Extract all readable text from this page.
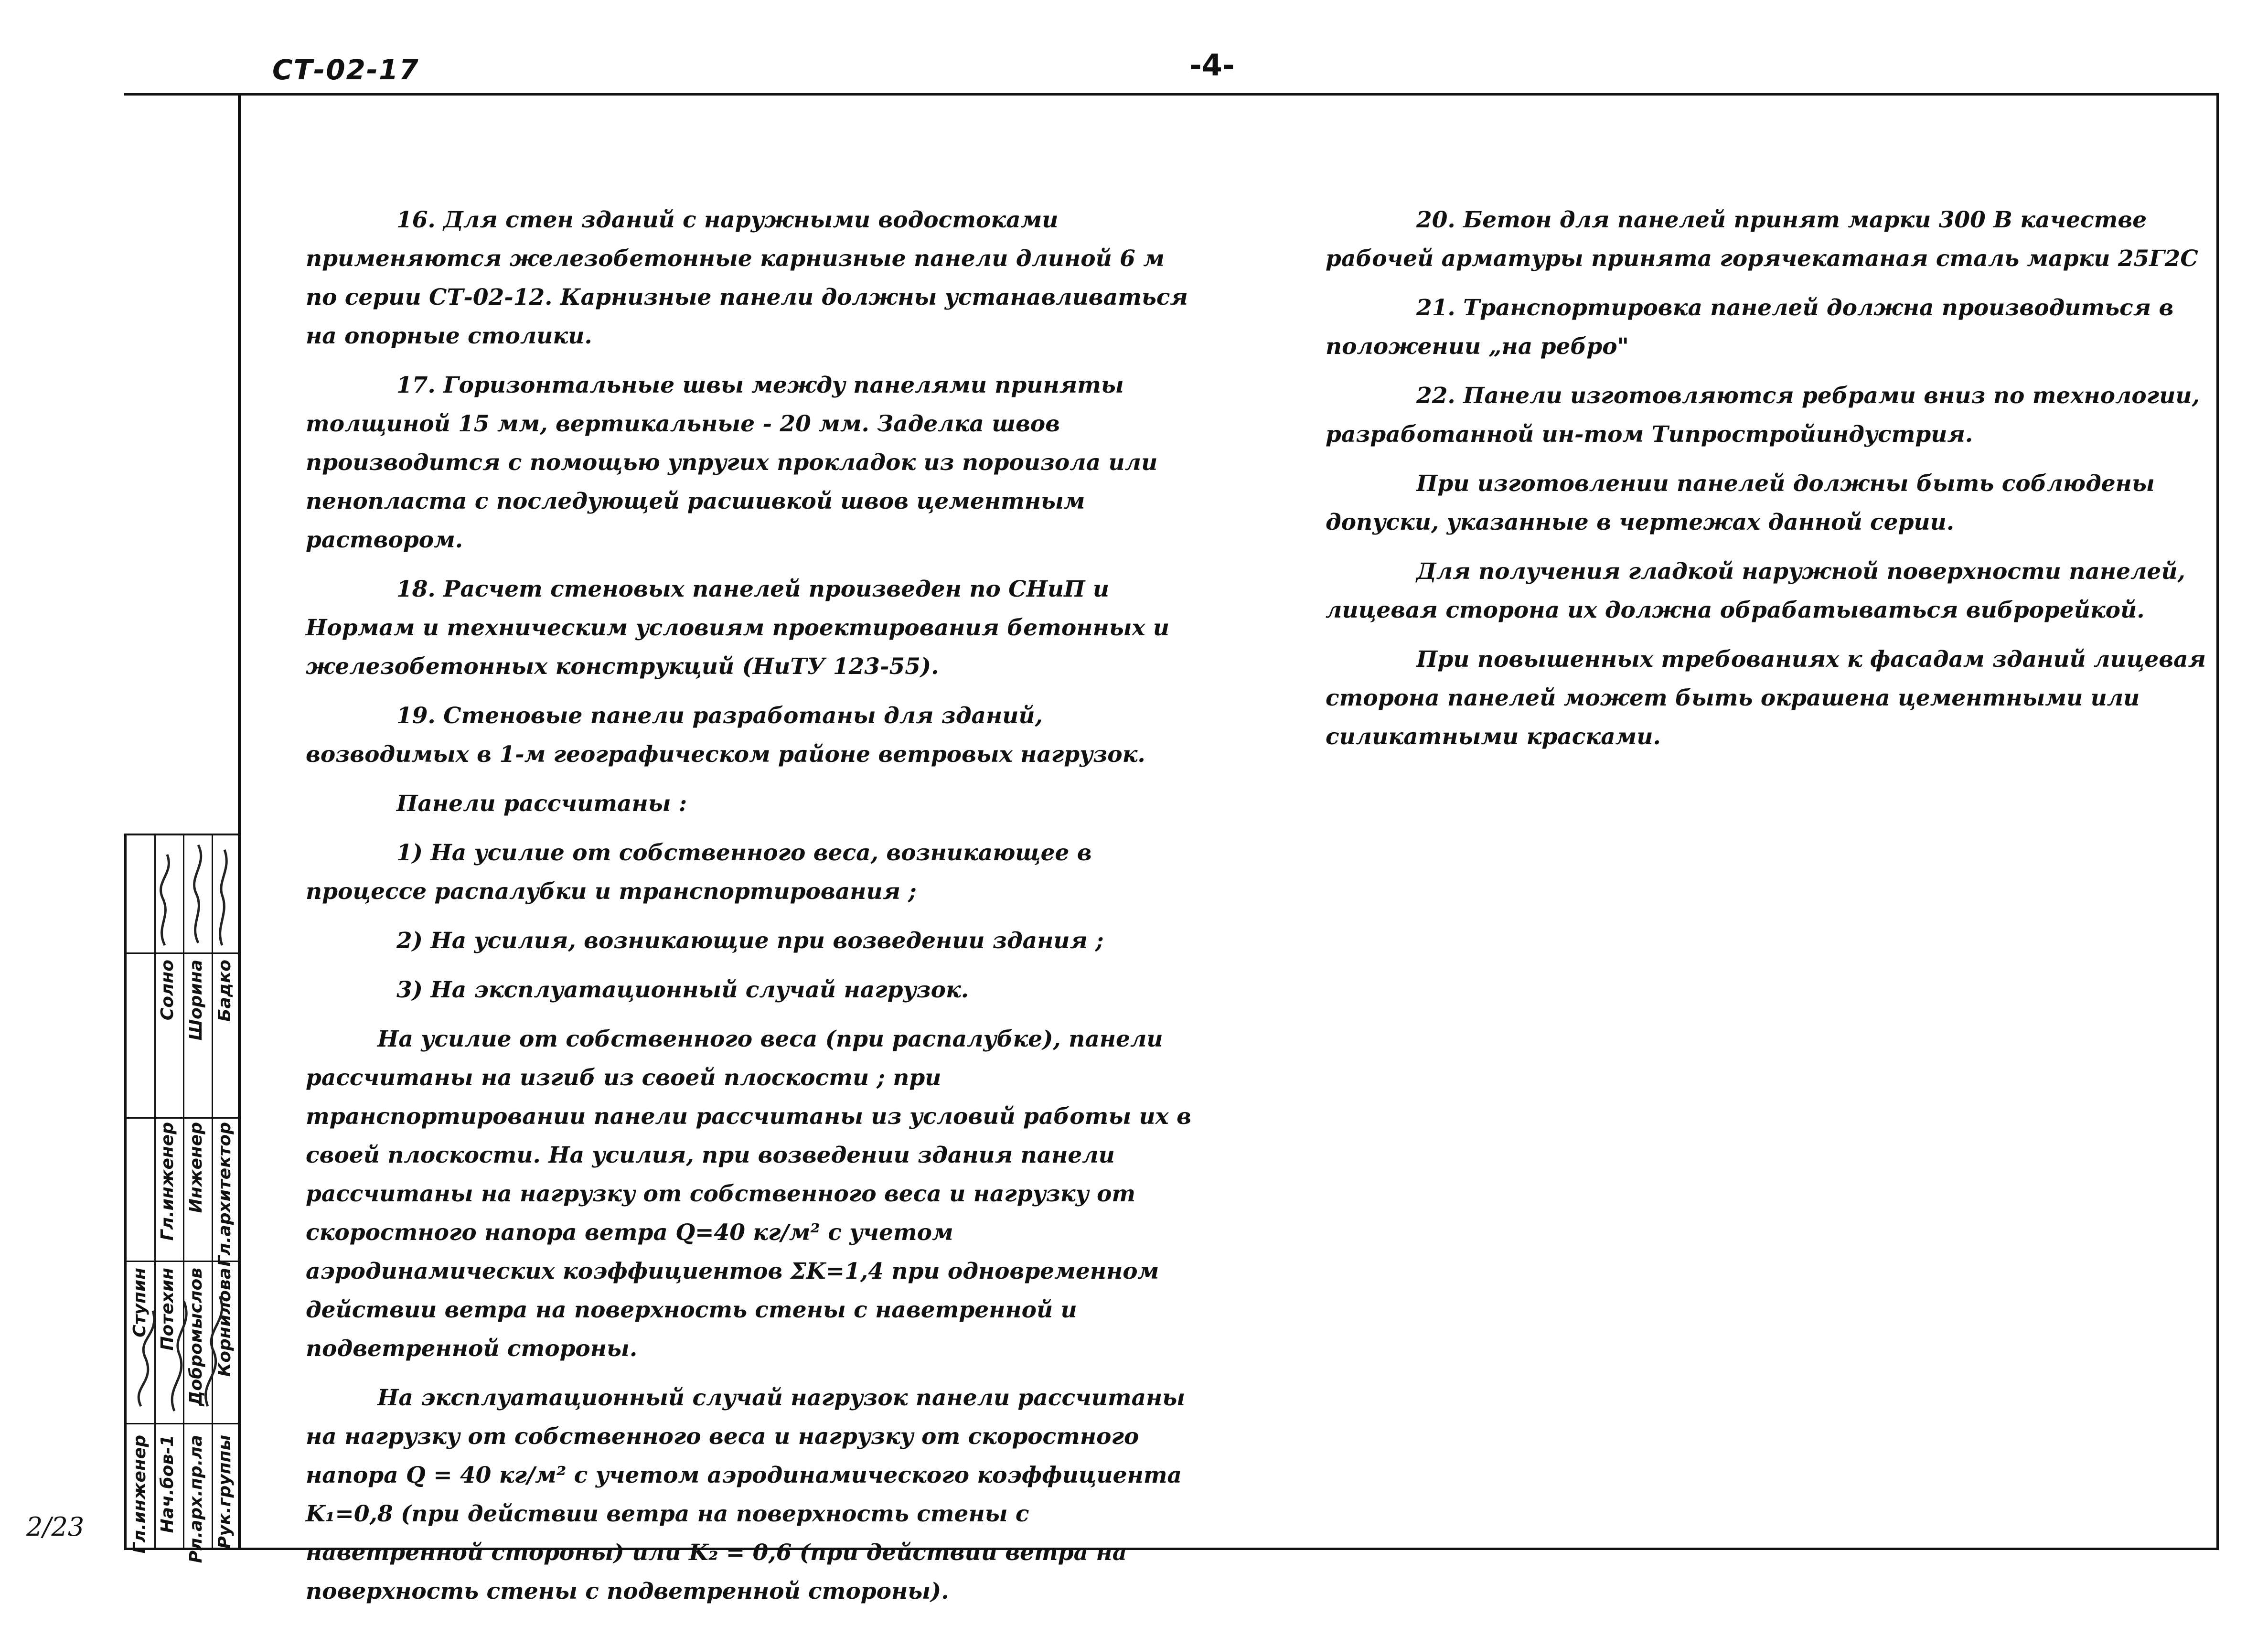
СТ-02-17	-4-
2/23	Гл.инженер Нач.бов-1 Рл.арх.пр.ла Рук.группы
Ступин Потехин Добромыслов Корнилова
Гл.инженер Инженер Гл.архитектор
Солно Шорина Бадко

16. Для стен зданий с наружными водостоками применяются железобетонные карнизные панели длиной 6 м по серии СТ-02-12. Карнизные панели должны устанавливаться на опорные столики.

17. Горизонтальные швы между панелями приняты толщиной 15 мм, вертикальные - 20 мм. Заделка швов производится с помощью упругих прокладок из пороизола или пенопласта с последующей расшивкой швов цементным раствором.

18. Расчет стеновых панелей произведен по СНиП и Нормам и техническим условиям проектирования бетонных и железобетонных конструкций (НиТУ 123-55).

19. Стеновые панели разработаны для зданий, возводимых в 1-м географическом районе ветровых нагрузок.

Панели рассчитаны :

1) На усилие от собственного веса, возникающее в процессе распалубки и транспортирования ;

2) На усилия, возникающие при возведении здания ;

3) На эксплуатационный случай нагрузок.

На усилие от собственного веса (при распалубке), панели рассчитаны на изгиб из своей плоскости ; при транспортировании панели рассчитаны из условий работы их в своей плоскости. На усилия, при возведении здания панели рассчитаны на нагрузку от собственного веса и нагрузку от скоростного напора ветра Q=40 кг/м² с учетом аэродинамических коэффициентов ΣK=1,4 при одновременном действии ветра на поверхность стены с наветренной и подветренной стороны.

На эксплуатационный случай нагрузок панели рассчитаны на нагрузку от собственного веса и нагрузку от скоростного напора Q = 40 кг/м² с учетом аэродинамического коэффициента K₁=0,8 (при действии ветра на поверхность стены с наветренной стороны) или K₂ = 0,6 (при действии ветра на поверхность стены с подветренной стороны).

20. Бетон для панелей принят марки 300 В качестве рабочей арматуры принята горячекатаная сталь марки 25Г2С

21. Транспортировка панелей должна производиться в положении „на ребро"

22. Панели изготовляются ребрами вниз по технологии, разработанной ин-том Типростройиндустрия.

При изготовлении панелей должны быть соблюдены допуски, указанные в чертежах данной серии.

Для получения гладкой наружной поверхности панелей, лицевая сторона их должна обрабатываться виброрейкой.

При повышенных требованиях к фасадам зданий лицевая сторона панелей может быть окрашена цементными или силикатными красками.
